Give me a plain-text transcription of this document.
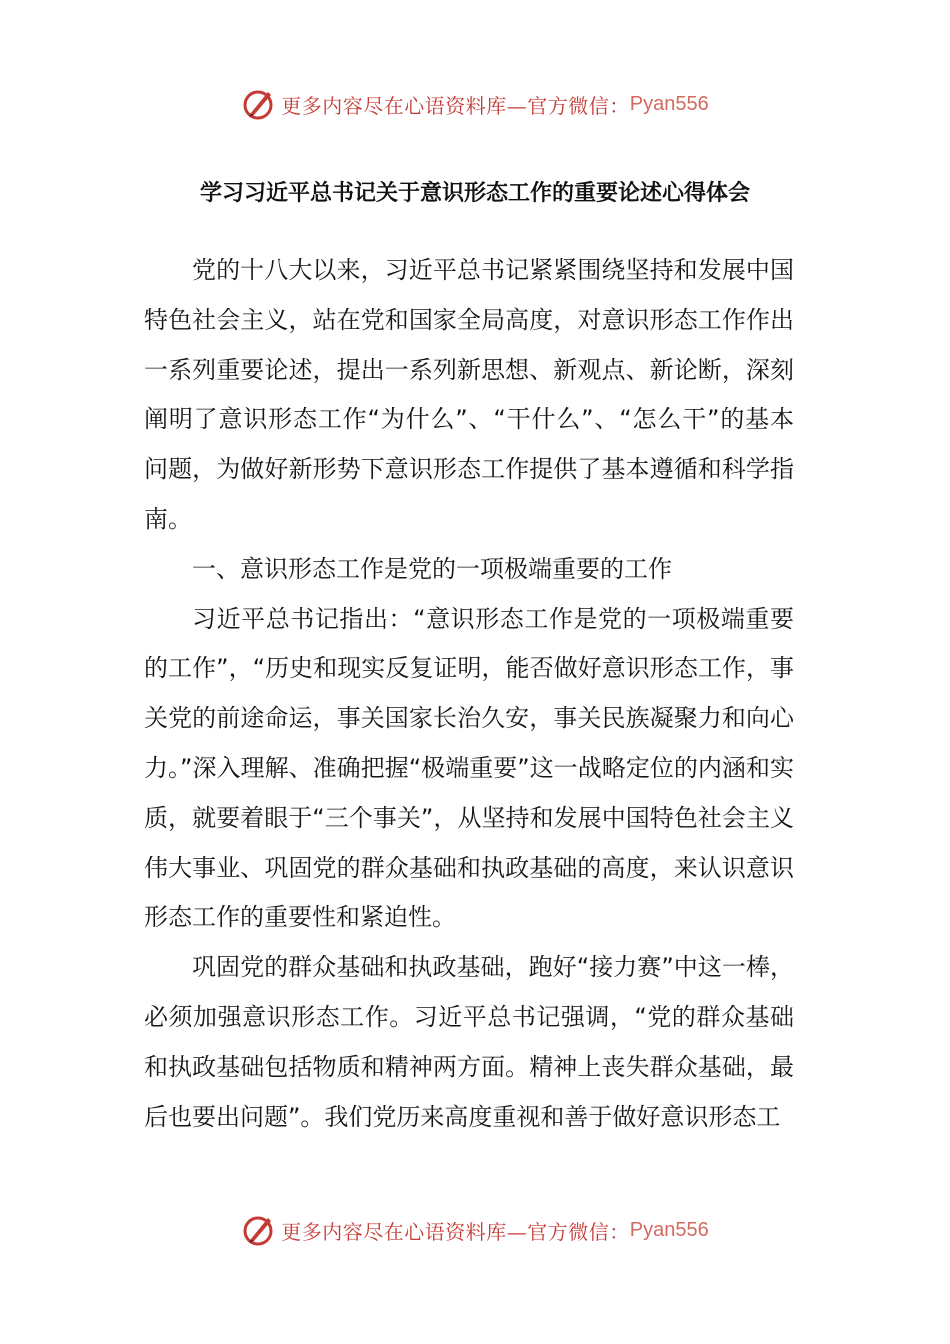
更多内容尽在心语资料库—官方微信： Pyan556
学习习近平总书记关于意识形态工作的重要论述心得体会

党的十八大以来，习近平总书记紧紧围绕坚持和发展中国特色社会主义，站在党和国家全局高度，对意识形态工作作出一系列重要论述，提出一系列新思想、新观点、新论断，深刻阐明了意识形态工作“为什么”、“干什么”、“怎么干”的基本问题，为做好新形势下意识形态工作提供了基本遵循和科学指南。

一、意识形态工作是党的一项极端重要的工作

习近平总书记指出：“意识形态工作是党的一项极端重要的工作”，“历史和现实反复证明，能否做好意识形态工作，事关党的前途命运，事关国家长治久安，事关民族凝聚力和向心力。”深入理解、准确把握“极端重要”这一战略定位的内涵和实质，就要着眼于“三个事关”，从坚持和发展中国特色社会主义伟大事业、巩固党的群众基础和执政基础的高度，来认识意识形态工作的重要性和紧迫性。

巩固党的群众基础和执政基础，跑好“接力赛”中这一棒，必须加强意识形态工作。习近平总书记强调，“党的群众基础和执政基础包括物质和精神两方面。精神上丧失群众基础，最后也要出问题”。我们党历来高度重视和善于做好意识形态工

更多内容尽在心语资料库—官方微信： Pyan556
